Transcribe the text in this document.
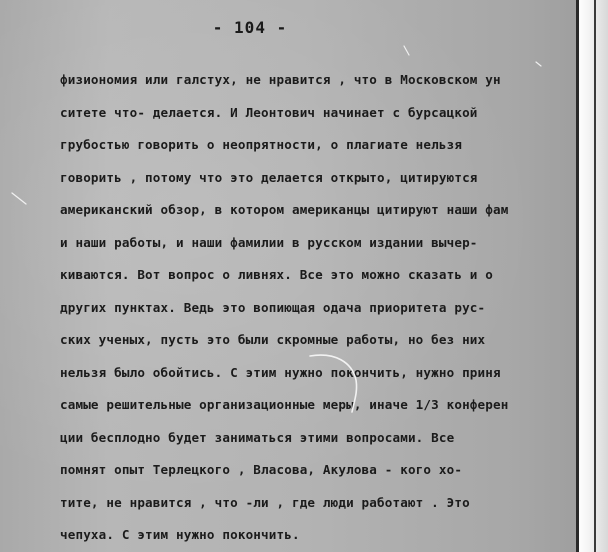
- 104 -
физиономия или галстух, не нравится , что в Московском ун
ситете что- делается. И Леонтович начинает с бурсацкой
грубостью говорить о неопрятности, о плагиате нельзя
говорить , потому что это делается открыто, цитируются
американский обзор, в котором американцы цитируют наши фам
и наши работы, и наши фамилии в русском издании вычер-
киваются. Вот вопрос о ливнях. Все это можно сказать и о
других пунктах. Ведь это вопиющая одача приоритета рус-
ских ученых, пусть это были скромные работы, но без них
нельзя было обойтись. С этим нужно покончить, нужно приня
самые решительные организационные меры, иначе 1/3 конферен
ции бесплодно будет заниматься этими вопросами. Все
помнят опыт Терлецкого , Власова, Акулова - кого хо-
тите, не нравится , что -ли , где люди работают . Это
чепуха. С этим нужно покончить.
